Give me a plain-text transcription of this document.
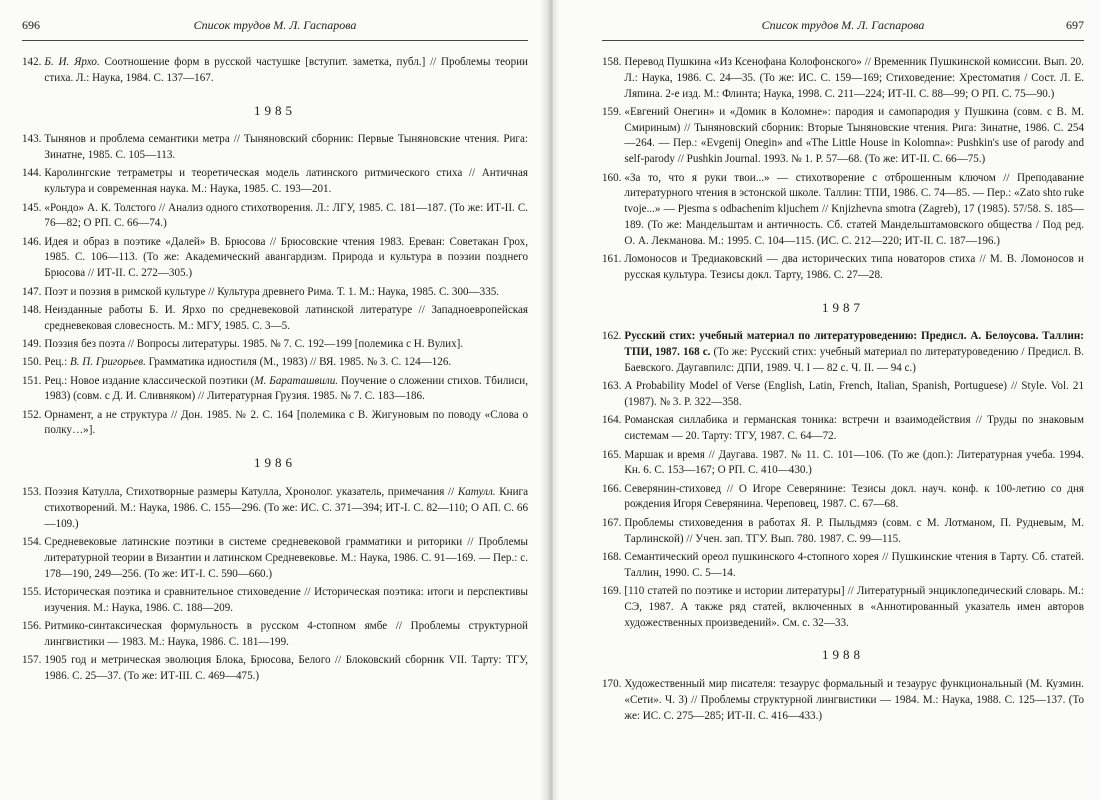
696	Список трудов М. Л. Гаспарова
142. Б. И. Ярхо. Соотношение форм в русской частушке [вступит. заметка, публ.] // Проблемы теории стиха. Л.: Наука, 1984. С. 137—167.
1985
143. Тынянов и проблема семантики метра // Тыняновский сборник: Первые Тыняновские чтения. Рига: Зинатне, 1985. С. 105—113.
144. Каролингские тетраметры и теоретическая модель латинского ритмического стиха // Античная культура и современная наука. М.: Наука, 1985. С. 193—201.
145. «Рондо» А. К. Толстого // Анализ одного стихотворения. Л.: ЛГУ, 1985. С. 181—187. (То же: ИТ-II. С. 76—82; О РП. С. 66—74.)
146. Идея и образ в поэтике «Далей» В. Брюсова // Брюсовские чтения 1983. Ереван: Советакан Грох, 1985. С. 106—113. (То же: Академический авангардизм. Природа и культура в поэзии позднего Брюсова // ИТ-II. С. 272—305.)
147. Поэт и поэзия в римской культуре // Культура древнего Рима. Т. 1. М.: Наука, 1985. С. 300—335.
148. Неизданные работы Б. И. Ярхо по средневековой латинской литературе // Западноевропейская средневековая словесность. М.: МГУ, 1985. С. 3—5.
149. Поэзия без поэта // Вопросы литературы. 1985. № 7. С. 192—199 [полемика с Н. Вулих].
150. Рец.: В. П. Григорьев. Грамматика идиостиля (М., 1983) // ВЯ. 1985. № 3. С. 124—126.
151. Рец.: Новое издание классической поэтики (М. Бараташвили. Поучение о сложении стихов. Тбилиси, 1983) (совм. с Д. И. Сливняком) // Литературная Грузия. 1985. № 7. С. 183—186.
152. Орнамент, а не структура // Дон. 1985. № 2. С. 164 [полемика с В. Жигуновым по поводу «Слова о полку…»].
1986
153. Поэзия Катулла, Стихотворные размеры Катулла, Хронолог. указатель, примечания // Катулл. Книга стихотворений. М.: Наука, 1986. С. 155—296. (То же: ИС. С. 371—394; ИТ-I. С. 82—110; О АП. С. 66—109.)
154. Средневековые латинские поэтики в системе средневековой грамматики и риторики // Проблемы литературной теории в Византии и латинском Средневековье. М.: Наука, 1986. С. 91—169. — Пер.: с. 178—190, 249—256. (То же: ИТ-I. С. 590—660.)
155. Историческая поэтика и сравнительное стиховедение // Историческая поэтика: итоги и перспективы изучения. М.: Наука, 1986. С. 188—209.
156. Ритмико-синтаксическая формульность в русском 4-стопном ямбе // Проблемы структурной лингвистики — 1983. М.: Наука, 1986. С. 181—199.
157. 1905 год и метрическая эволюция Блока, Брюсова, Белого // Блоковский сборник VII. Тарту: ТГУ, 1986. С. 25—37. (То же: ИТ-III. С. 469—475.)
Список трудов М. Л. Гаспарова	697
158. Перевод Пушкина «Из Ксенофана Колофонского» // Временник Пушкинской комиссии. Вып. 20. Л.: Наука, 1986. С. 24—35. (То же: ИС. С. 159—169; Стиховедение: Хрестоматия / Сост. Л. Е. Ляпина. 2-е изд. М.: Флинта; Наука, 1998. С. 211—224; ИТ-II. С. 88—99; О РП. С. 75—90.)
159. «Евгений Онегин» и «Домик в Коломне»: пародия и самопародия у Пушкина (совм. с В. М. Смириным) // Тыняновский сборник: Вторые Тыняновские чтения. Рига: Зинатне, 1986. С. 254—264. — Пер.: «Evgenij Onegin» and «The Little House in Kolomna»: Pushkin's use of parody and self-parody // Pushkin Journal. 1993. № 1. P. 57—68. (То же: ИТ-II. С. 66—75.)
160. «За то, что я руки твои...» — стихотворение с отброшенным ключом // Преподавание литературного чтения в эстонской школе. Таллин: ТПИ, 1986. С. 74—85. — Пер.: «Zato shto ruke tvoje...» — Pjesma s odbachenim kljuchem // Knjizhevna smotra (Zagreb), 17 (1985). 57/58. S. 185—189. (То же: Мандельштам и античность. Сб. статей Мандельштамовского общества / Под ред. О. А. Лекманова. М.: 1995. С. 104—115. (ИС. С. 212—220; ИТ-II. С. 187—196.)
161. Ломоносов и Тредиаковский — два исторических типа новаторов стиха // М. В. Ломоносов и русская культура. Тезисы докл. Тарту, 1986. С. 27—28.
1987
162. Русский стих: учебный материал по литературоведению: Предисл. А. Белоусова. Таллин: ТПИ, 1987. 168 с. (То же: Русский стих: учебный материал по литературоведению / Предисл. В. Баевского. Даугавпилс: ДПИ, 1989. Ч. I — 82 с. Ч. II. — 94 с.)
163. A Probability Model of Verse (English, Latin, French, Italian, Spanish, Portuguese) // Style. Vol. 21 (1987). № 3. P. 322—358.
164. Романская силлабика и германская тоника: встречи и взаимодействия // Труды по знаковым системам — 20. Тарту: ТГУ, 1987. С. 64—72.
165. Маршак и время // Даугава. 1987. № 11. С. 101—106. (То же (доп.): Литературная учеба. 1994. Кн. 6. С. 153—167; О РП. С. 410—430.)
166. Северянин-стиховед // О Игоре Северянине: Тезисы докл. науч. конф. к 100-летию со дня рождения Игоря Северянина. Череповец, 1987. С. 67—68.
167. Проблемы стиховедения в работах Я. Р. Пыльдмяэ (совм. с М. Лотманом, П. Рудневым, М. Тарлинской) // Учен. зап. ТГУ. Вып. 780. 1987. С. 99—115.
168. Семантический ореол пушкинского 4-стопного хорея // Пушкинские чтения в Тарту. Сб. статей. Таллин, 1990. С. 5—14.
169. [110 статей по поэтике и истории литературы] // Литературный энциклопедический словарь. М.: СЭ, 1987. А также ряд статей, включенных в «Аннотированный указатель имен авторов художественных произведений». См. с. 32—33.
1988
170. Художественный мир писателя: тезаурус формальный и тезаурус функциональный (М. Кузмин. «Сети». Ч. 3) // Проблемы структурной лингвистики — 1984. М.: Наука, 1988. С. 125—137. (То же: ИС. С. 275—285; ИТ-II. С. 416—433.)
